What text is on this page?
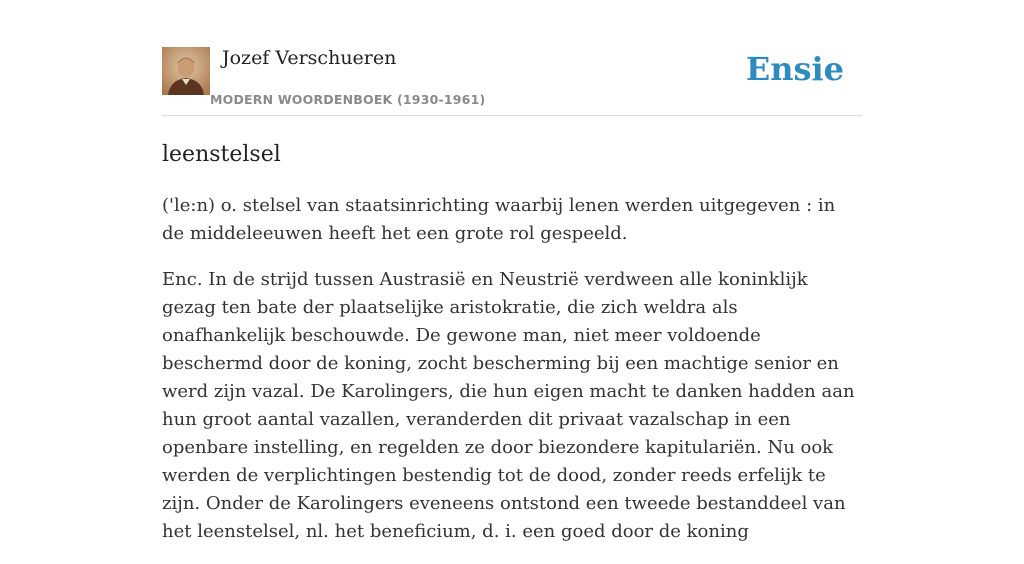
Jozef Verschueren
MODERN WOORDENBOEK (1930-1961)
Ensie
leenstelsel

('le:n) o. stelsel van staatsinrichting waarbij lenen werden uitgegeven : in de middeleeuwen heeft het een grote rol gespeeld.

Enc. In de strijd tussen Austrasië en Neustrië verdween alle koninklijk gezag ten bate der plaatselijke aristokratie, die zich weldra als onafhankelijk beschouwde. De gewone man, niet meer voldoende beschermd door de koning, zocht bescherming bij een machtige senior en werd zijn vazal. De Karolingers, die hun eigen macht te danken hadden aan hun groot aantal vazallen, veranderden dit privaat vazalschap in een openbare instelling, en regelden ze door biezondere kapitulariën. Nu ook werden de verplichtingen bestendig tot de dood, zonder reeds erfelijk te zijn. Onder de Karolingers eveneens ontstond een tweede bestanddeel van het leenstelsel, nl. het beneficium, d. i. een goed door de koning
